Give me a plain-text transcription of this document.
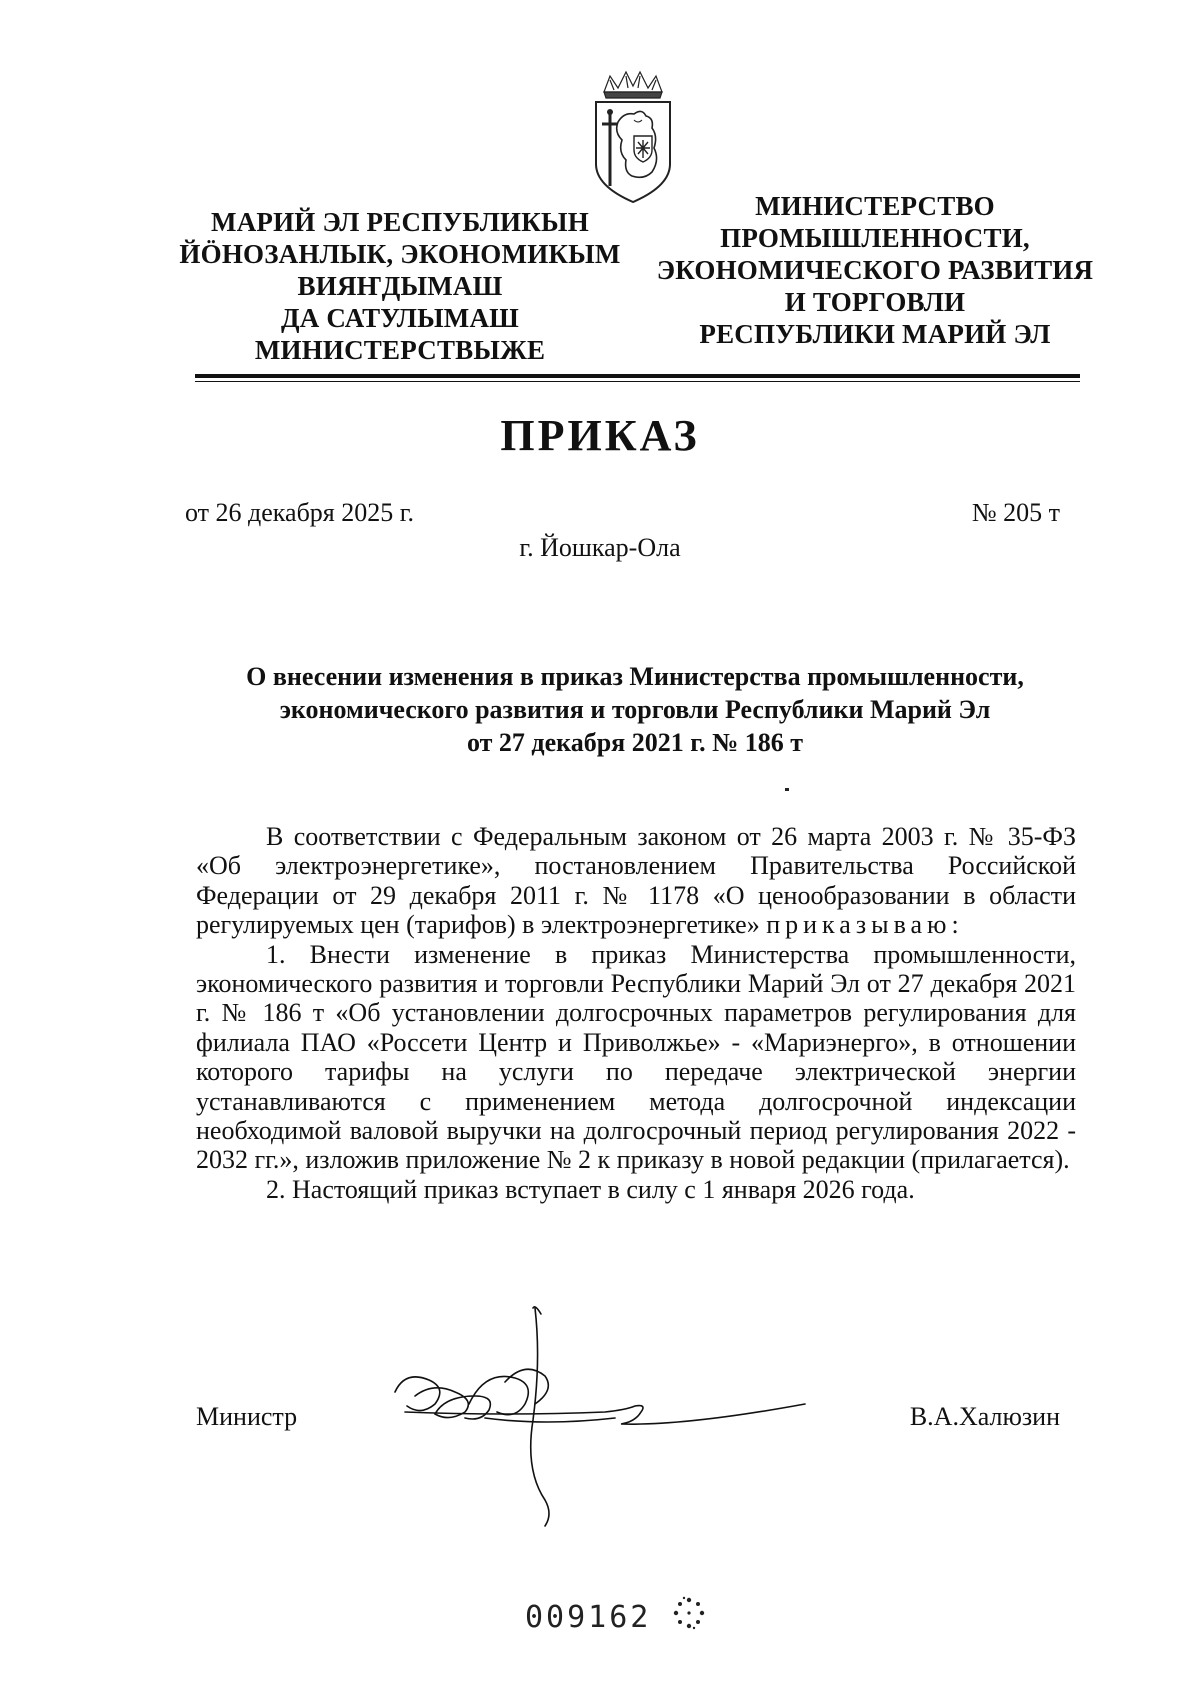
МАРИЙ ЭЛ РЕСПУБЛИКЫН
ЙӦНОЗАНЛЫК, ЭКОНОМИКЫМ
ВИЯҤДЫМАШ
ДА САТУЛЫМАШ
МИНИСТЕРСТВЫЖЕ
МИНИСТЕРСТВО
ПРОМЫШЛЕННОСТИ,
ЭКОНОМИЧЕСКОГО РАЗВИТИЯ
И ТОРГОВЛИ
РЕСПУБЛИКИ МАРИЙ ЭЛ
ПРИКАЗ
от 26 декабря 2025 г.	№ 205 т
г. Йошкар-Ола
О внесении изменения в приказ Министерства промышленности,
экономического развития и торговли Республики Марий Эл
от 27 декабря 2021 г. № 186 т

В соответствии с Федеральным законом от 26 марта 2003 г. № 35-ФЗ «Об электроэнергетике», постановлением Правительства Российской Федерации от 29 декабря 2011 г. № 1178 «О ценообразовании в области регулируемых цен (тарифов) в электроэнергетике» приказываю:

1. Внести изменение в приказ Министерства промышленности, экономического развития и торговли Республики Марий Эл от 27 декабря 2021 г. № 186 т «Об установлении долгосрочных параметров регулирования для филиала ПАО «Россети Центр и Приволжье» - «Мариэнерго», в отношении которого тарифы на услуги по передаче электрической энергии устанавливаются с применением метода долгосрочной индексации необходимой валовой выручки на долгосрочный период регулирования 2022 - 2032 гг.», изложив приложение № 2 к приказу в новой редакции (прилагается).

2. Настоящий приказ вступает в силу с 1 января 2026 года.

Министр	В.А.Халюзин
009162
